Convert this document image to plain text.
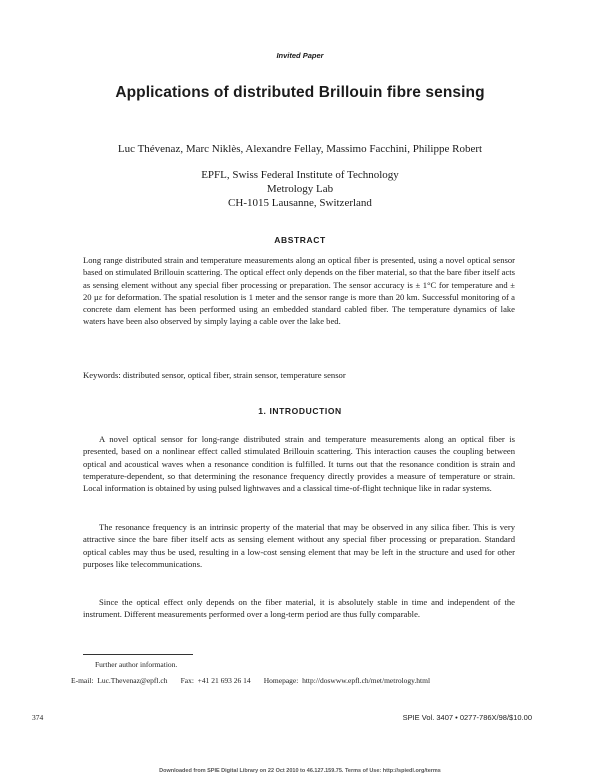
Invited Paper
Applications of distributed Brillouin fibre sensing
Luc Thévenaz, Marc Niklès, Alexandre Fellay, Massimo Facchini, Philippe Robert
EPFL, Swiss Federal Institute of Technology
Metrology Lab
CH-1015 Lausanne, Switzerland
ABSTRACT
Long range distributed strain and temperature measurements along an optical fiber is presented, using a novel optical sensor based on stimulated Brillouin scattering. The optical effect only depends on the fiber material, so that the bare fiber itself acts as sensing element without any special fiber processing or preparation. The sensor accuracy is ± 1°C for temperature and ± 20 µε for deformation. The spatial resolution is 1 meter and the sensor range is more than 20 km. Successful monitoring of a concrete dam element has been performed using an embedded standard cabled fiber. The temperature dynamics of lake waters have been also observed by simply laying a cable over the lake bed.
Keywords: distributed sensor, optical fiber, strain sensor, temperature sensor
1. INTRODUCTION
A novel optical sensor for long-range distributed strain and temperature measurements along an optical fiber is presented, based on a nonlinear effect called stimulated Brillouin scattering. This interaction causes the coupling between optical and acoustical waves when a resonance condition is fulfilled. It turns out that the resonance condition is strain and temperature-dependent, so that determining the resonance frequency directly provides a measure of temperature or strain. Local information is obtained by using pulsed lightwaves and a classical time-of-flight technique like in radar systems.
The resonance frequency is an intrinsic property of the material that may be observed in any silica fiber. This is very attractive since the bare fiber itself acts as sensing element without any special fiber processing or preparation. Standard optical cables may thus be used, resulting in a low-cost sensing element that may be left in the structure and used for other purposes like telecommunications.
Since the optical effect only depends on the fiber material, it is absolutely stable in time and independent of the instrument. Different measurements performed over a long-term period are thus fully comparable.
Further author information.
E-mail:  Luc.Thevenaz@epfl.ch       Fax:  +41 21 693 26 14       Homepage:  http://doswww.epfl.ch/met/metrology.html
374	SPIE Vol. 3407 • 0277-786X/98/$10.00
Downloaded from SPIE Digital Library on 22 Oct 2010 to 46.127.159.75. Terms of Use: http://spiedl.org/terms
